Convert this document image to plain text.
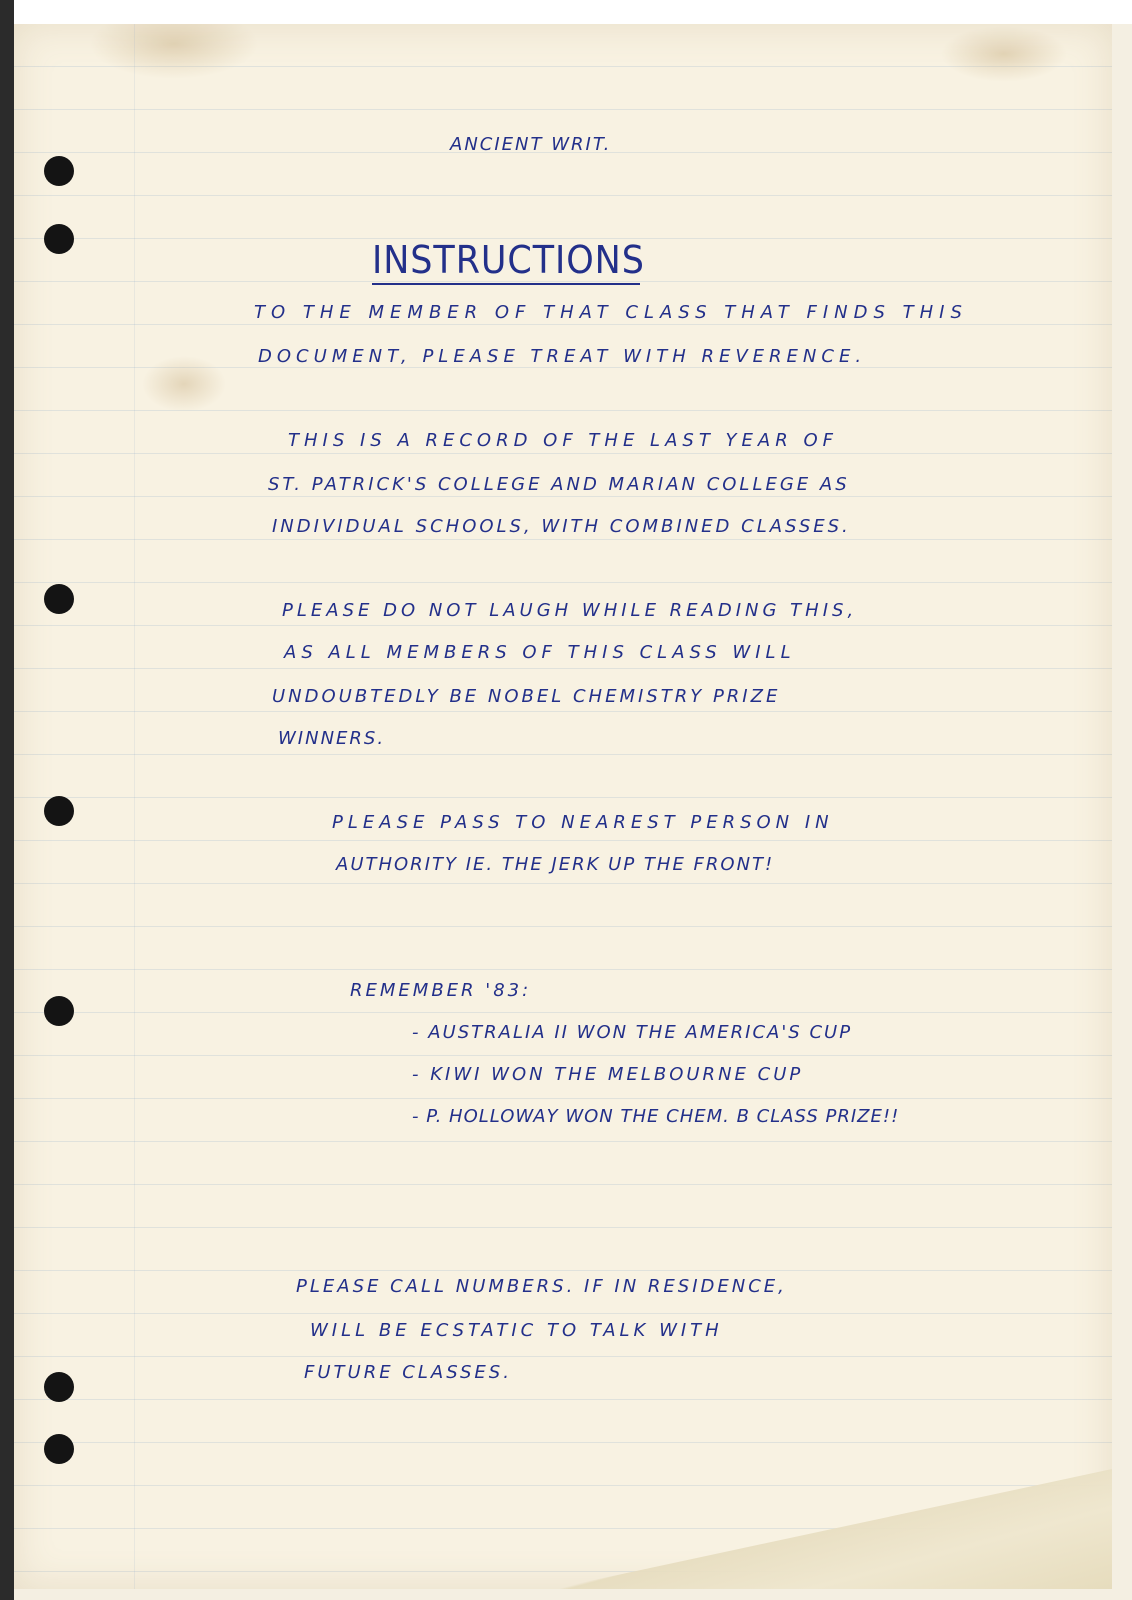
ANCIENT WRIT.
INSTRUCTIONS
TO THE MEMBER OF THAT CLASS THAT FINDS THIS
DOCUMENT, PLEASE TREAT WITH REVERENCE.
THIS IS A RECORD OF THE LAST YEAR OF
ST. PATRICK'S COLLEGE AND MARIAN COLLEGE AS
INDIVIDUAL SCHOOLS, WITH COMBINED CLASSES.
PLEASE DO NOT LAUGH WHILE READING THIS,
AS ALL MEMBERS OF THIS CLASS WILL
UNDOUBTEDLY BE NOBEL CHEMISTRY PRIZE
WINNERS.
PLEASE PASS TO NEAREST PERSON IN
AUTHORITY IE. THE JERK UP THE FRONT!
REMEMBER '83:
- AUSTRALIA II WON THE AMERICA'S CUP
- KIWI WON THE MELBOURNE CUP
- P. HOLLOWAY WON THE CHEM. B CLASS PRIZE!!
PLEASE CALL NUMBERS. IF IN RESIDENCE,
WILL BE ECSTATIC TO TALK WITH
FUTURE CLASSES.
